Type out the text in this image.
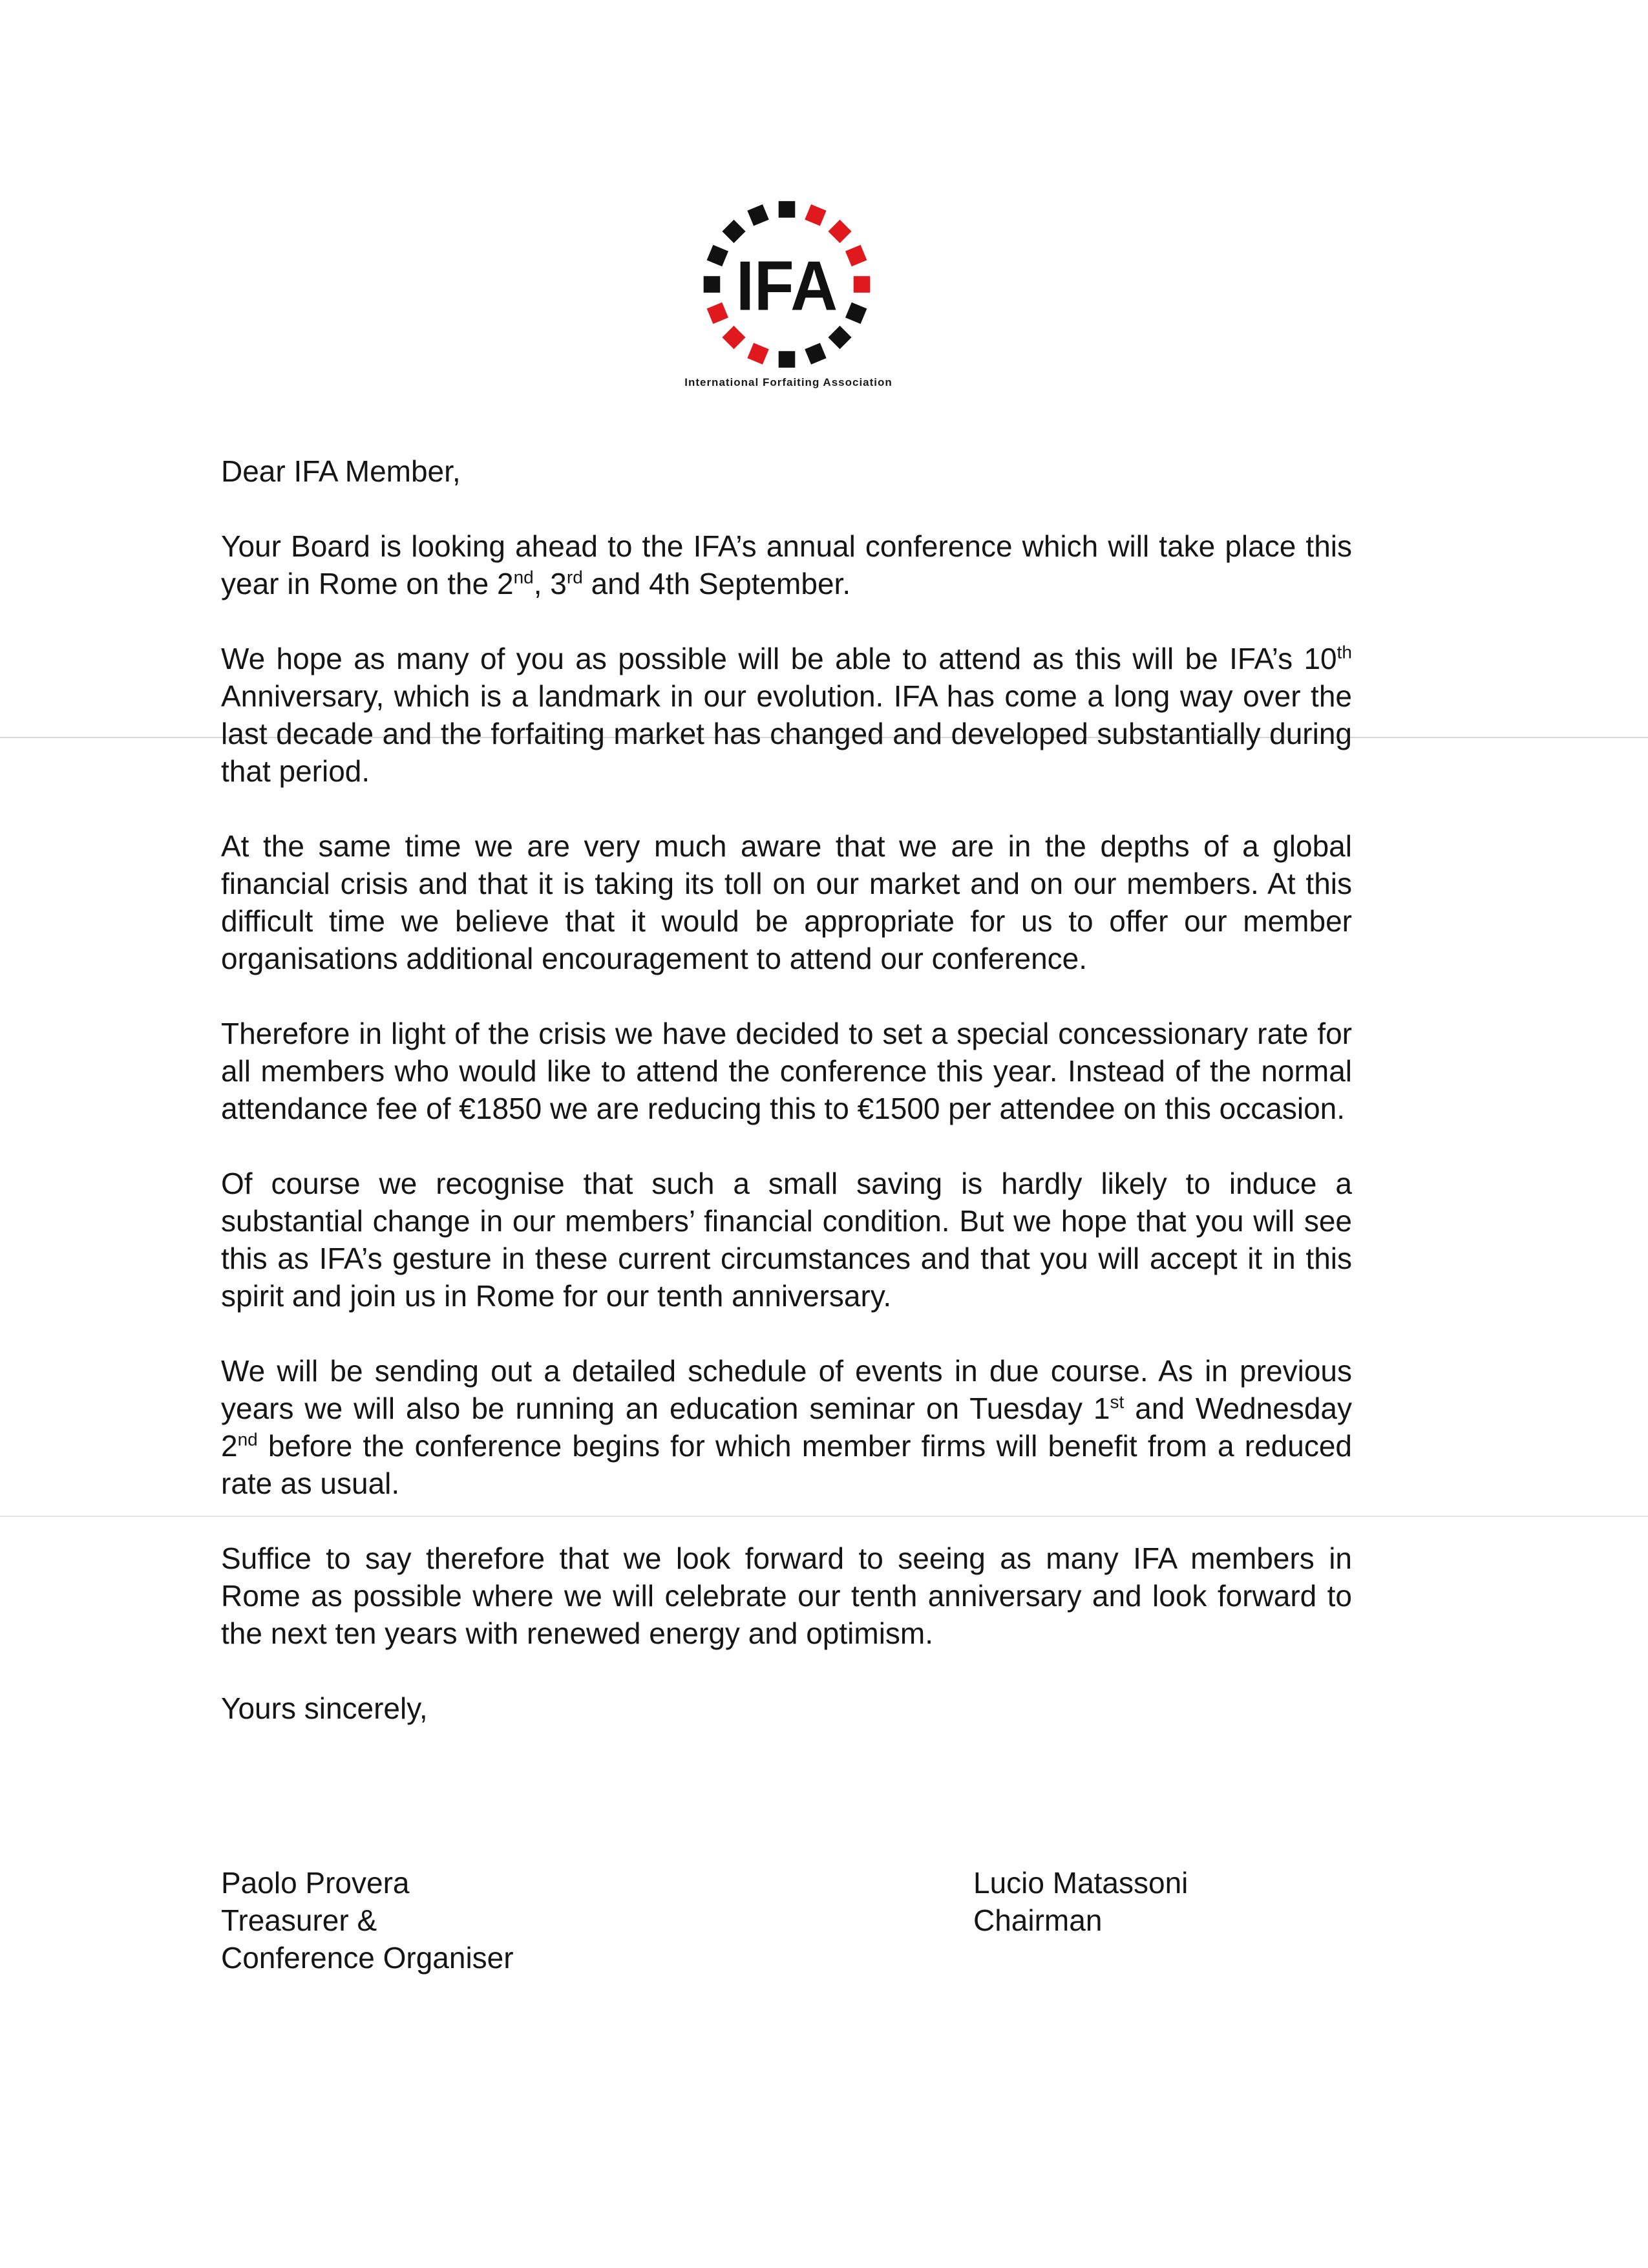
IFA
International Forfaiting Association

Dear IFA Member,

Your Board is looking ahead to the IFA’s annual conference which will take place this year in Rome on the 2nd, 3rd and 4th September.

We hope as many of you as possible will be able to attend as this will be IFA’s 10th Anniversary, which is a landmark in our evolution. IFA has come a long way over the last decade and the forfaiting market has changed and developed substantially during that period.

At the same time we are very much aware that we are in the depths of a global financial crisis and that it is taking its toll on our market and on our members. At this difficult time we believe that it would be appropriate for us to offer our member organisations additional encouragement to attend our conference.

Therefore in light of the crisis we have decided to set a special concessionary rate for all members who would like to attend the conference this year. Instead of the normal attendance fee of €1850 we are reducing this to €1500 per attendee on this occasion.

Of course we recognise that such a small saving is hardly likely to induce a substantial change in our members’ financial condition. But we hope that you will see this as IFA’s gesture in these current circumstances and that you will accept it in this spirit and join us in Rome for our tenth anniversary.

We will be sending out a detailed schedule of events in due course. As in previous years we will also be running an education seminar on Tuesday 1st and Wednesday 2nd before the conference begins for which member firms will benefit from a reduced rate as usual.

Suffice to say therefore that we look forward to seeing as many IFA members in Rome as possible where we will celebrate our tenth anniversary and look forward to the next ten years with renewed energy and optimism.

Yours sincerely,

Paolo Provera
Treasurer &
Conference Organiser
Lucio Matassoni
Chairman
